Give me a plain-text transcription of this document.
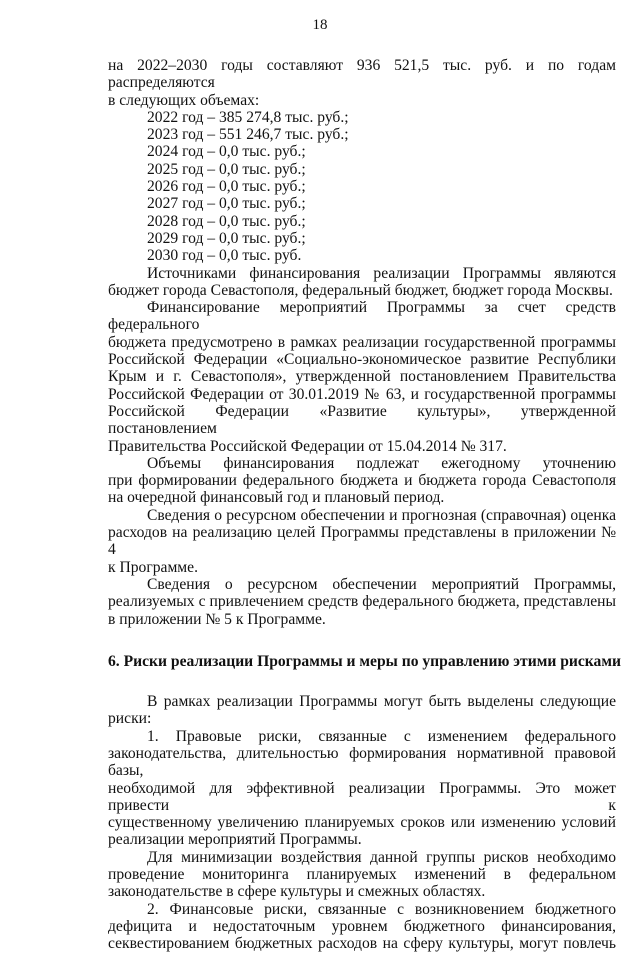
18

на 2022–2030 годы составляют 936 521,5 тыс. руб. и по годам распределяются

в следующих объемах:

2022 год – 385 274,8 тыс. руб.;

2023 год – 551 246,7 тыс. руб.;

2024 год – 0,0 тыс. руб.;

2025 год – 0,0 тыс. руб.;

2026 год – 0,0 тыс. руб.;

2027 год – 0,0 тыс. руб.;

2028 год – 0,0 тыс. руб.;

2029 год – 0,0 тыс. руб.;

2030 год – 0,0 тыс. руб.

Источниками финансирования реализации Программы являются

бюджет города Севастополя, федеральный бюджет, бюджет города Москвы.

Финансирование мероприятий Программы за счет средств федерального

бюджета предусмотрено в рамках реализации государственной программы

Российской Федерации «Социально-экономическое развитие Республики

Крым и г. Севастополя», утвержденной постановлением Правительства

Российской Федерации от 30.01.2019 № 63, и государственной программы

Российской Федерации «Развитие культуры», утвержденной постановлением

Правительства Российской Федерации от 15.04.2014 № 317.

Объемы финансирования подлежат ежегодному уточнению

при формировании федерального бюджета и бюджета города Севастополя

на очередной финансовый год и плановый период.

Сведения о ресурсном обеспечении и прогнозная (справочная) оценка

расходов на реализацию целей Программы представлены в приложении № 4

к Программе.

Сведения о ресурсном обеспечении мероприятий Программы,

реализуемых с привлечением средств федерального бюджета, представлены

в приложении № 5 к Программе.

6. Риски реализации Программы и меры по управлению этими рисками

В рамках реализации Программы могут быть выделены следующие

риски:

1. Правовые риски, связанные с изменением федерального

законодательства, длительностью формирования нормативной правовой базы,

необходимой для эффективной реализации Программы. Это может привести к

существенному увеличению планируемых сроков или изменению условий

реализации мероприятий Программы.

Для минимизации воздействия данной группы рисков необходимо

проведение мониторинга планируемых изменений в федеральном

законодательстве в сфере культуры и смежных областях.

2. Финансовые риски, связанные с возникновением бюджетного

дефицита и недостаточным уровнем бюджетного финансирования,

секвестированием бюджетных расходов на сферу культуры, могут повлечь
